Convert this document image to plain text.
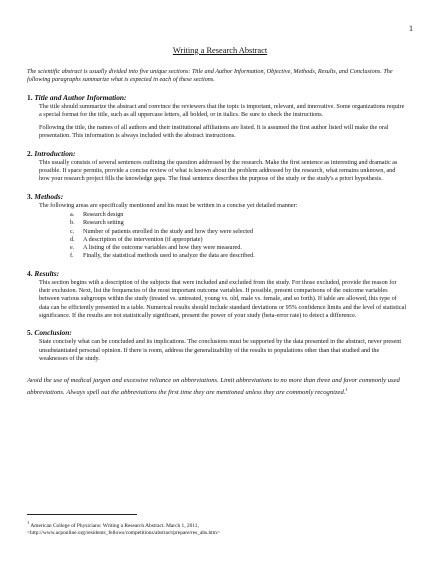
1
Writing a Research Abstract

The scientific abstract is usually divided into five unique sections: Title and Author Information, Objective, Methods, Results, and Conclusions. The following paragraphs summarize what is expected in each of these sections.

1. Title and Author Information:

The title should summarize the abstract and convince the reviewers that the topic is important, relevant, and innovative. Some organizations require a special format for the title, such as all uppercase letters, all bolded, or in italics. Be sure to check the instructions.

Following the title, the names of all authors and their institutional affiliations are listed. It is assumed the first author listed will make the oral presentation. This information is always included with the abstract instructions.

2. Introduction:

This usually consists of several sentences outlining the question addressed by the research. Make the first sentence as interesting and dramatic as possible. If space permits, provide a concise review of what is known about the problem addressed by the research, what remains unknown, and how your research project fills the knowledge gaps. The final sentence describes the purpose of the study or the study's a priori hypothesis.

3. Methods:

The following areas are specifically mentioned and his must be written in a concise yet detailed manner:

a. Research design
b. Research setting
c. Number of patients enrolled in the study and how they were selected
d. A description of the intervention (if appropriate)
e. A listing of the outcome variables and how they were measured.
f. Finally, the statistical methods used to analyze the data are described.
4. Results:

This section begins with a description of the subjects that were included and excluded from the study. For those excluded, provide the reason for their exclusion. Next, list the frequencies of the most important outcome variables. If possible, present comparisons of the outcome variables between various subgroups within the study (treated vs. untreated, young vs. old, male vs. female, and so forth). If table are allowed, this type of data can be efficiently presented in a table. Numerical results should include standard deviations or 95% confidence limits and the level of statistical significance. If the results are not statistically significant, present the power of your study (beta-error rate) to detect a difference.

5. Conclusion:

State concisely what can be concluded and its implications. The conclusions must be supported by the data presented in the abstract, never present unsubstantiated personal opinion. If there is room, address the generalizability of the results to populations other than that studied and the weaknesses of the study.

Avoid the use of medical jargon and excessive reliance on abbreviations. Limit abbreviations to no more than three and favor commonly used abbreviations. Always spell out the abbreviations the first time they are mentioned unless they are commonly recognized.$^1$

$^1$ American College of Physicians: Writing a Research Abstract. March 1, 2011,
<http://www.acponline.org/residents_fellows/competitions/abstract/prepare/res_abs.htm>
